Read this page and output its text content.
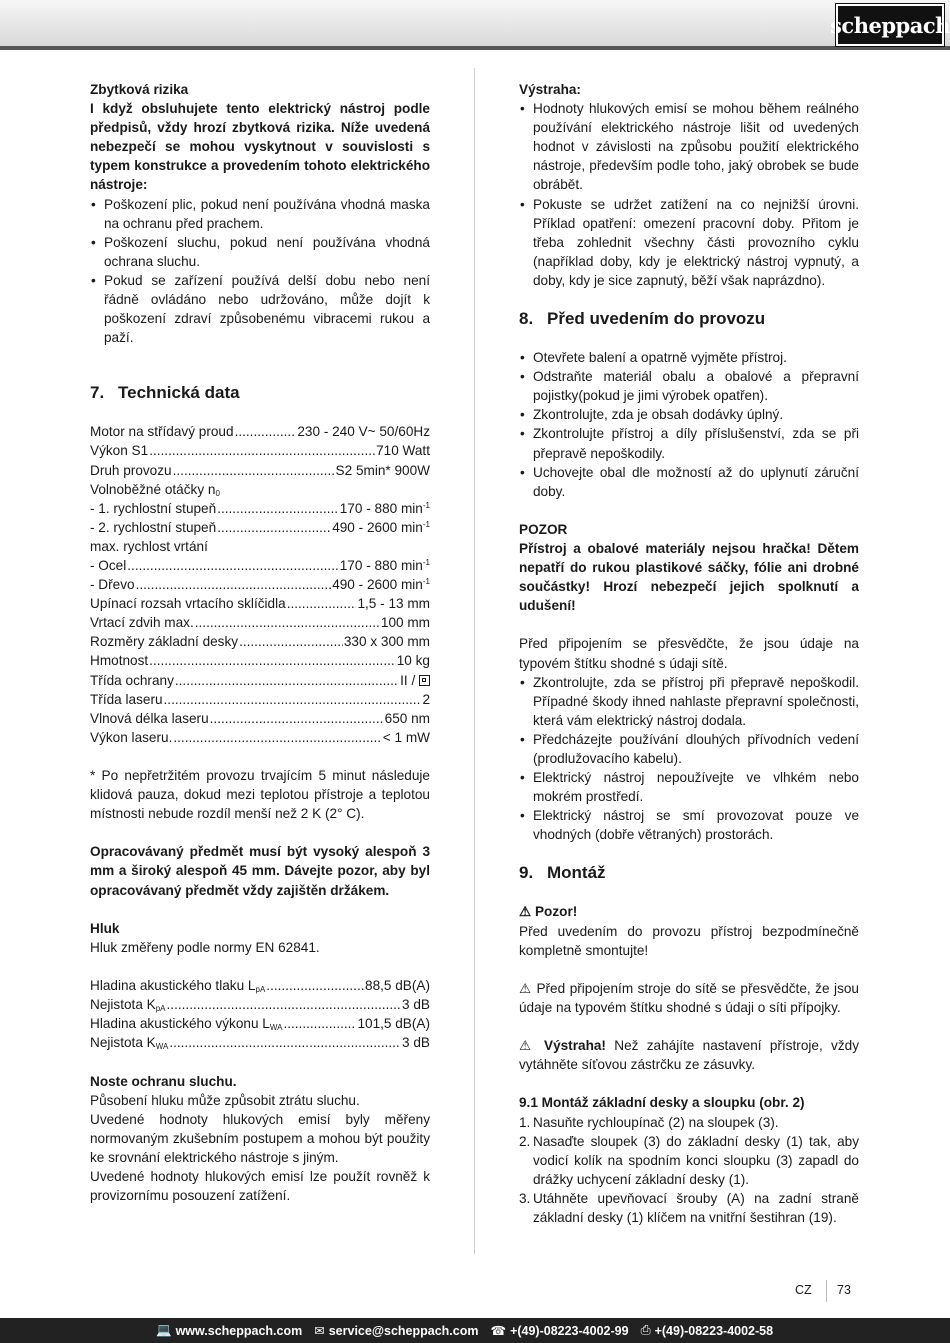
scheppach

Zbytková rizika

I když obsluhujete tento elektrický nástroj podle předpisů, vždy hrozí zbytková rizika. Níže uvedená nebezpečí se mohou vyskytnout v souvislosti s typem konstrukce a provedením tohoto elektrického nástroje:

• Poškození plic, pokud není používána vhodná maska na ochranu před prachem.
• Poškození sluchu, pokud není používána vhodná ochrana sluchu.
• Pokud se zařízení používá delší dobu nebo není řádně ovládáno nebo udržováno, může dojít k poškození zdraví způsobenému vibracemi rukou a paží.
7. Technická data
Motor na střídavý proud .....	230 - 240 V~ 50/60Hz
Výkon S1 .....	710 Watt
Druh provozu .....	S2 5min* 900W
Volnoběžné otáčky $n_0$
- 1. rychlostní stupeň .....	170 - 880 $\min^{-1}$
- 2. rychlostní stupeň .....	490 - 2600 $\min^{-1}$
max. rychlost vrtání
- Ocel .....	170 - 880 $\min^{-1}$
- Dřevo .....	490 - 2600 $\min^{-1}$
Upínací rozsah vrtacího sklíčidla .....	1,5 - 13 mm
Vrtací zdvih max. .....	100 mm
Rozměry základní desky .....	330 x 300 mm
Hmotnost .....	10 kg
Třída ochrany .....	II /
Třída laseru .....	2
Vlnová délka laseru .....	650 nm
Výkon laseru. .....	< 1 mW

* Po nepřetržitém provozu trvajícím 5 minut následuje klidová pauza, dokud mezi teplotou přístroje a teplotou místnosti nebude rozdíl menší než 2 K (2° C).

Opracovávaný předmět musí být vysoký alespoň 3 mm a široký alespoň 45 mm. Dávejte pozor, aby byl opracovávaný předmět vždy zajištěn držákem.

Hluk

Hluk změřeny podle normy EN 62841.

Hladina akustického tlaku $L_{pA}$ .....	88,5 dB(A)
Nejistota $K_{pA}$ .....	3 dB
Hladina akustického výkonu $L_{WA}$ .....	101,5 dB(A)
Nejistota $K_{WA}$ .....	3 dB

Noste ochranu sluchu.

Působení hluku může způsobit ztrátu sluchu.

Uvedené hodnoty hlukových emisí byly měřeny normovaným zkušebním postupem a mohou být použity ke srovnání elektrického nástroje s jiným.

Uvedené hodnoty hlukových emisí lze použít rovněž k provizornímu posouzení zatížení.

Výstraha:

• Hodnoty hlukových emisí se mohou během reálného používání elektrického nástroje lišit od uvedených hodnot v závislosti na způsobu použití elektrického nástroje, především podle toho, jaký obrobek se bude obrábět.
• Pokuste se udržet zatížení na co nejnižší úrovni. Příklad opatření: omezení pracovní doby. Přitom je třeba zohlednit všechny části provozního cyklu (například doby, kdy je elektrický nástroj vypnutý, a doby, kdy je sice zapnutý, běží však naprázdno).
8. Před uvedením do provozu
• Otevřete balení a opatrně vyjměte přístroj.
• Odstraňte materiál obalu a obalové a přepravní pojistky(pokud je jimi výrobek opatřen).
• Zkontrolujte, zda je obsah dodávky úplný.
• Zkontrolujte přístroj a díly příslušenství, zda se při přepravě nepoškodily.
• Uchovejte obal dle možností až do uplynutí záruční doby.

POZOR

Přístroj a obalové materiály nejsou hračka! Dětem nepatří do rukou plastikové sáčky, fólie ani drobné součástky! Hrozí nebezpečí jejich spolknutí a udušení!

Před připojením se přesvědčte, že jsou údaje na typovém štítku shodné s údaji sítě.

• Zkontrolujte, zda se přístroj při přepravě nepoškodil. Případné škody ihned nahlaste přepravní společnosti, která vám elektrický nástroj dodala.
• Předcházejte používání dlouhých přívodních vedení (prodlužovacího kabelu).
• Elektrický nástroj nepoužívejte ve vlhkém nebo mokrém prostředí.
• Elektrický nástroj se smí provozovat pouze ve vhodných (dobře větraných) prostorách.
9. Montáž

⚠ Pozor!

Před uvedením do provozu přístroj bezpodmínečně kompletně smontujte!

⚠ Před připojením stroje do sítě se přesvědčte, že jsou údaje na typovém štítku shodné s údaji o síti přípojky.

⚠ Výstraha! Než zahájíte nastavení přístroje, vždy vytáhněte síťovou zástrčku ze zásuvky.

9.1 Montáž základní desky a sloupku (obr. 2)

1. Nasuňte rychloupínač (2) na sloupek (3).
2. Nasaďte sloupek (3) do základní desky (1) tak, aby vodicí kolík na spodním konci sloupku (3) zapadl do drážky uchycení základní desky (1).
3. Utáhněte upevňovací šrouby (A) na zadní straně základní desky (1) klíčem na vnitřní šestihran (19).
CZ 73
💻 www.scheppach.com ✉ service@scheppach.com ☎ +(49)-08223-4002-99 ⎙ +(49)-08223-4002-58
